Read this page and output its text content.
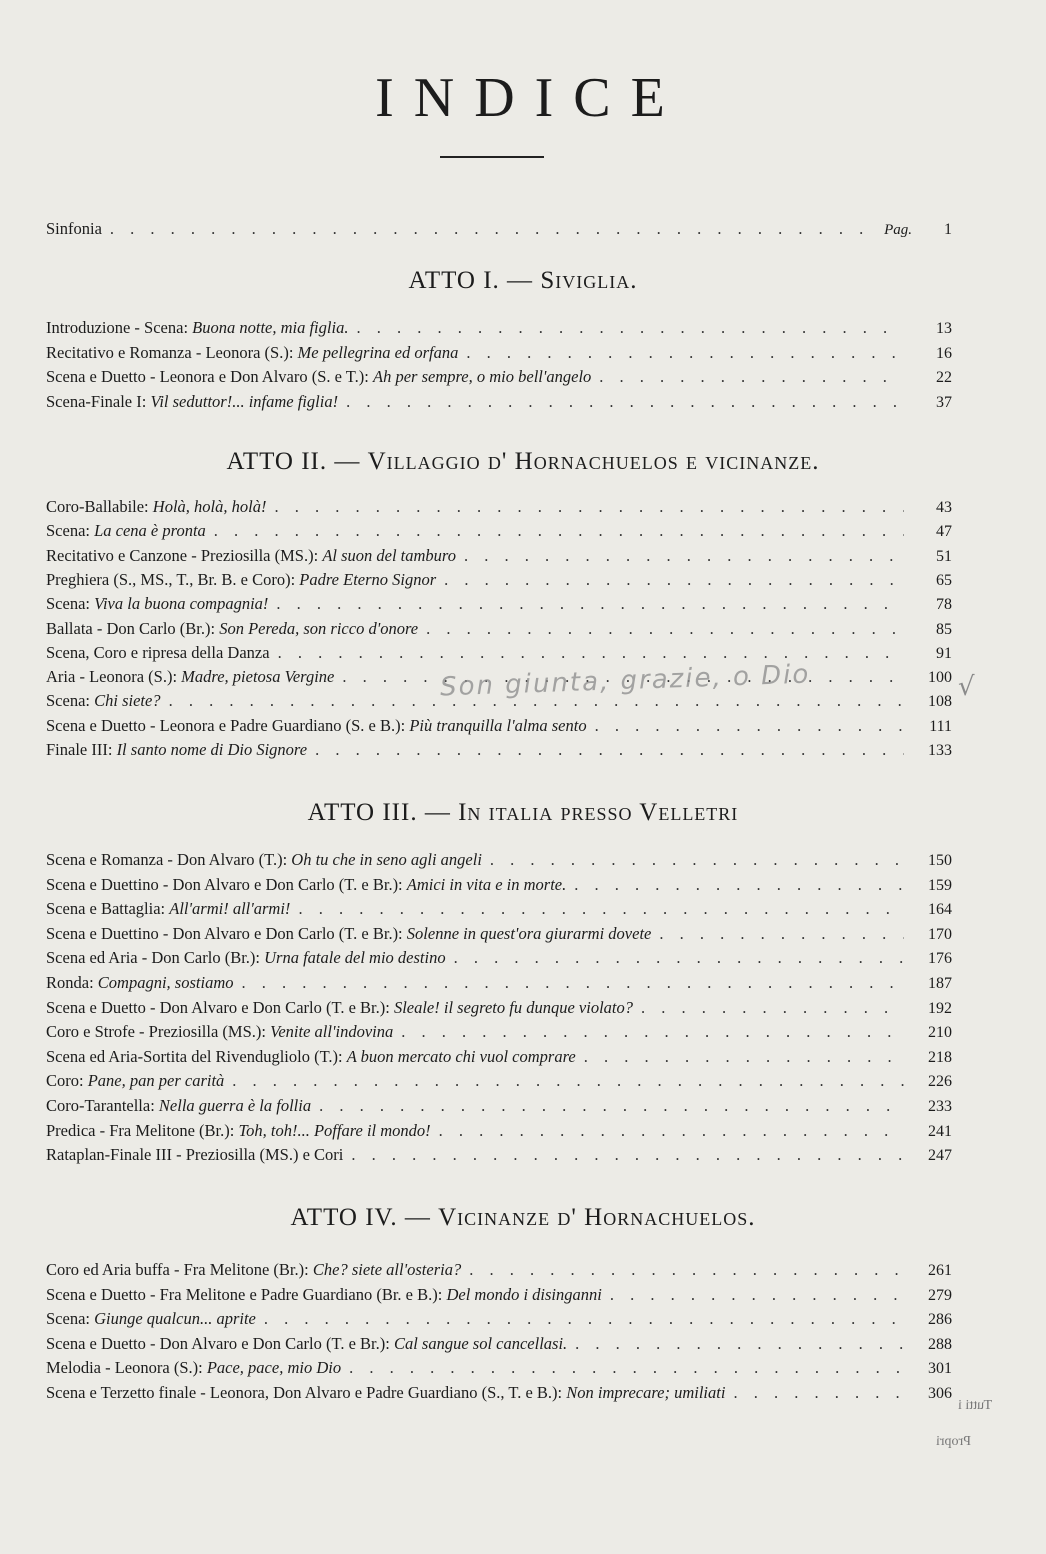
INDICE
Sinfonia . . .	Pag.	1
ATTO I. — Siviglia.
Introduzione - Scena: Buona notte, mia figlia. . . .	13
Recitativo e Romanza - Leonora (S.): Me pellegrina ed orfana . . .	16
Scena e Duetto - Leonora e Don Alvaro (S. e T.): Ah per sempre, o mio bell'angelo . . .	22
Scena-Finale I: Vil seduttor!... infame figlia! . . .	37
ATTO II. — Villaggio d' Hornachuelos e vicinanze.
Coro-Ballabile: Holà, holà, holà! . . .	43
Scena: La cena è pronta . . .	47
Recitativo e Canzone - Preziosilla (MS.): Al suon del tamburo . . .	51
Preghiera (S., MS., T., Br. B. e Coro): Padre Eterno Signor . . .	65
Scena: Viva la buona compagnia! . . .	78
Ballata - Don Carlo (Br.): Son Pereda, son ricco d'onore . . .	85
Scena, Coro e ripresa della Danza . . .	91
Aria - Leonora (S.): Madre, pietosa Vergine . . .	100
Scena: Chi siete? . . .	108
Scena e Duetto - Leonora e Padre Guardiano (S. e B.): Più tranquilla l'alma sento . . .	111
Finale III: Il santo nome di Dio Signore . . .	133
ATTO III. — In italia presso Velletri
Scena e Romanza - Don Alvaro (T.): Oh tu che in seno agli angeli . . .	150
Scena e Duettino - Don Alvaro e Don Carlo (T. e Br.): Amici in vita e in morte. . . .	159
Scena e Battaglia: All'armi! all'armi! . . .	164
Scena e Duettino - Don Alvaro e Don Carlo (T. e Br.): Solenne in quest'ora giurarmi dovete . . .	170
Scena ed Aria - Don Carlo (Br.): Urna fatale del mio destino . . .	176
Ronda: Compagni, sostiamo . . .	187
Scena e Duetto - Don Alvaro e Don Carlo (T. e Br.): Sleale! il segreto fu dunque violato? . . .	192
Coro e Strofe - Preziosilla (MS.): Venite all'indovina . . .	210
Scena ed Aria-Sortita del Rivendugliolo (T.): A buon mercato chi vuol comprare . . .	218
Coro: Pane, pan per carità . . .	226
Coro-Tarantella: Nella guerra è la follia . . .	233
Predica - Fra Melitone (Br.): Toh, toh!... Poffare il mondo! . . .	241
Rataplan-Finale III - Preziosilla (MS.) e Cori . . .	247
ATTO IV. — Vicinanze d' Hornachuelos.
Coro ed Aria buffa - Fra Melitone (Br.): Che? siete all'osteria? . . .	261
Scena e Duetto - Fra Melitone e Padre Guardiano (Br. e B.): Del mondo i disinganni . . .	279
Scena: Giunge qualcun... aprite . . .	286
Scena e Duetto - Don Alvaro e Don Carlo (T. e Br.): Cal sangue sol cancellasi. . . .	288
Melodia - Leonora (S.): Pace, pace, mio Dio . . .	301
Scena e Terzetto finale - Leonora, Don Alvaro e Padre Guardiano (S., T. e B.): Non imprecare; umiliati . . .	306
Son giunta, grazie, o Dio	√
Tutti i
Propri
